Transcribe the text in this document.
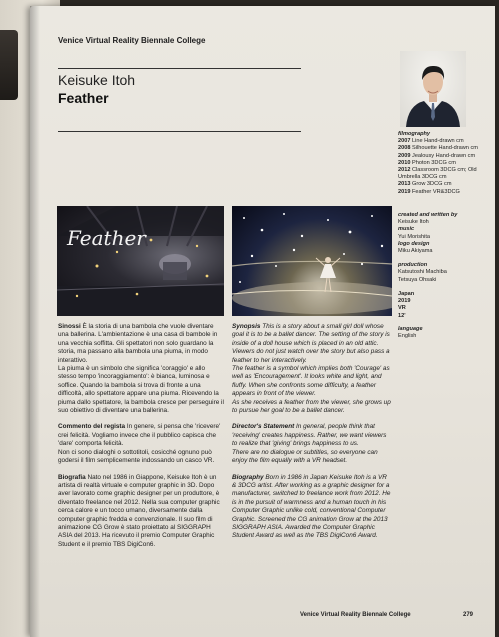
Venice Virtual Reality Biennale College
Keisuke Itoh
Feather
filmography
2007 Line Hand-drawn cm
2008 Silhouette Hand-drawn cm
2009 Jealousy Hand-drawn cm
2010 Photon 3DCG cm
2012 Classroom 3DCG cm; Old Umbrella 3DCG cm
2013 Grow 3DCG cm
2019 Feather VR&3DCG
created and written by
Keisuke Itoh
music
Yui Morishita
logo design
Miku Akiyama
production
Katsutoshi Machiba
Tetsuya Ohsaki
Japan
2019
VR
12'
language
English
Feather

Sinossi È la storia di una bambola che vuole diventare una ballerina. L'ambientazione è una casa di bambole in una vecchia soffitta. Gli spettatori non solo guardano la storia, ma passano alla bambola una piuma, in modo interattivo.

La piuma è un simbolo che significa 'coraggio' e allo stesso tempo 'incoraggiamento': è bianca, luminosa e soffice. Quando la bambola si trova di fronte a una difficoltà, allo spettatore appare una piuma. Ricevendo la piuma dallo spettatore, la bambola cresce per perseguire il suo obiettivo di diventare una ballerina.

Commento del regista In genere, si pensa che 'ricevere' crei felicità. Vogliamo invece che il pubblico capisca che 'dare' comporta felicità.

Non ci sono dialoghi o sottotitoli, cosicché ognuno può godersi il film semplicemente indossando un casco VR.

Biografia Nato nel 1986 in Giappone, Keisuke Itoh è un artista di realtà virtuale e computer graphic in 3D. Dopo aver lavorato come graphic designer per un produttore, è diventato freelance nel 2012. Nella sua computer graphic cerca calore e un tocco umano, diversamente dalla computer graphic fredda e convenzionale. Il suo film di animazione CG Grow è stato proiettato al SIGGRAPH ASIA del 2013. Ha ricevuto il premio Computer Graphic Student e il premio TBS DigiCon6.

Synopsis This is a story about a small girl doll whose goal it is to be a ballet dancer. The setting of the story is inside of a doll house which is placed in an old attic. Viewers do not just watch over the story but also pass a feather to her interactively.

The feather is a symbol which implies both 'Courage' as well as 'Encouragement'. It looks white and light, and fluffy. When she confronts some difficulty, a feather appears in front of the viewer.

As she receives a feather from the viewer, she grows up to pursue her goal to be a ballet dancer.

Director's Statement In general, people think that 'receiving' creates happiness. Rather, we want viewers to realize that 'giving' brings happiness to us.

There are no dialogue or subtitles, so everyone can enjoy the film equally with a VR headset.

Biography Born in 1986 in Japan Keisuke Itoh is a VR & 3DCG artist. After working as a graphic designer for a manufacturer, switched to freelance work from 2012. He is in the pursuit of warmness and a human touch in his Computer Graphic unlike cold, conventional Computer Graphic. Screened the CG animation Grow at the 2013 SIGGRAPH ASIA. Awarded the Computer Graphic Student Award as well as the TBS DigiCon6 Award.

Venice Virtual Reality Biennale College	279
